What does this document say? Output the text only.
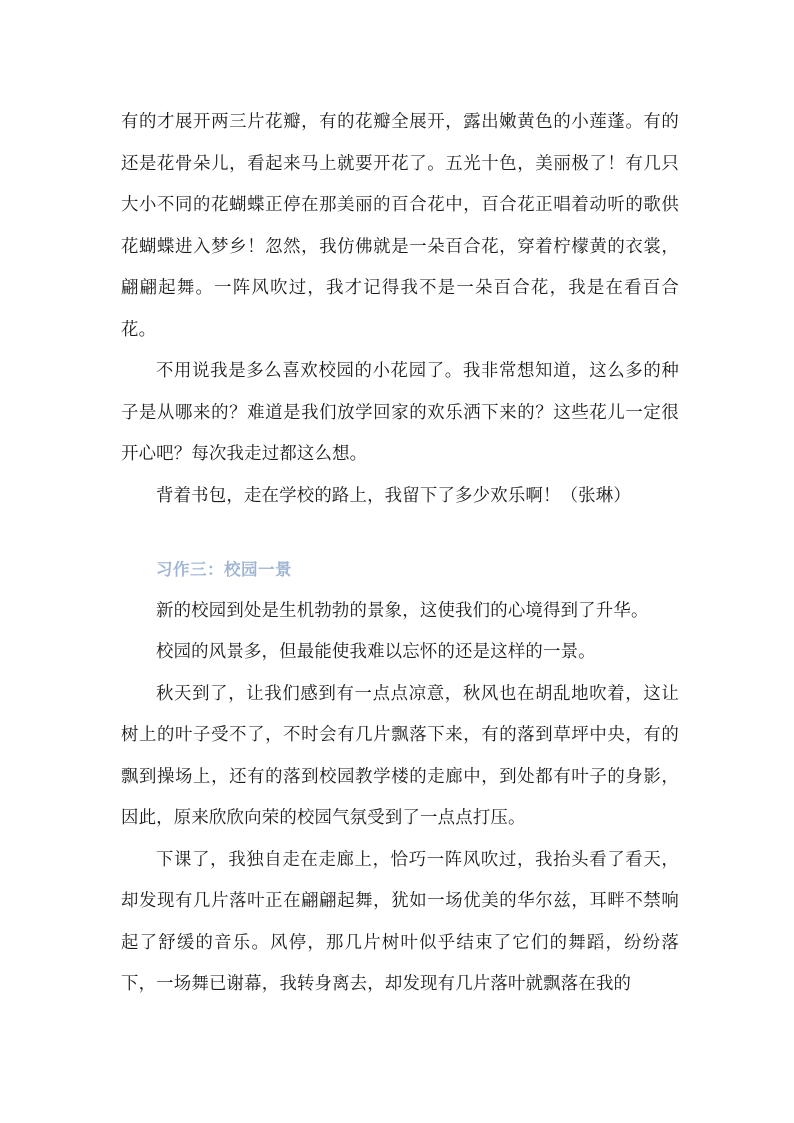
有的才展开两三片花瓣，有的花瓣全展开，露出嫩黄色的小莲蓬。有的还是花骨朵儿，看起来马上就要开花了。五光十色，美丽极了！有几只大小不同的花蝴蝶正停在那美丽的百合花中，百合花正唱着动听的歌供花蝴蝶进入梦乡！忽然，我仿佛就是一朵百合花，穿着柠檬黄的衣裳，翩翩起舞。一阵风吹过，我才记得我不是一朵百合花，我是在看百合花。

不用说我是多么喜欢校园的小花园了。我非常想知道，这么多的种子是从哪来的？难道是我们放学回家的欢乐洒下来的？这些花儿一定很开心吧？每次我走过都这么想。

背着书包，走在学校的路上，我留下了多少欢乐啊！（张琳）

习作三：校园一景

新的校园到处是生机勃勃的景象，这使我们的心境得到了升华。

校园的风景多，但最能使我难以忘怀的还是这样的一景。

秋天到了，让我们感到有一点点凉意，秋风也在胡乱地吹着，这让树上的叶子受不了，不时会有几片飘落下来，有的落到草坪中央，有的飘到操场上，还有的落到校园教学楼的走廊中，到处都有叶子的身影，因此，原来欣欣向荣的校园气氛受到了一点点打压。

下课了，我独自走在走廊上，恰巧一阵风吹过，我抬头看了看天，却发现有几片落叶正在翩翩起舞，犹如一场优美的华尔兹，耳畔不禁响起了舒缓的音乐。风停，那几片树叶似乎结束了它们的舞蹈，纷纷落下，一场舞已谢幕，我转身离去，却发现有几片落叶就飘落在我的
